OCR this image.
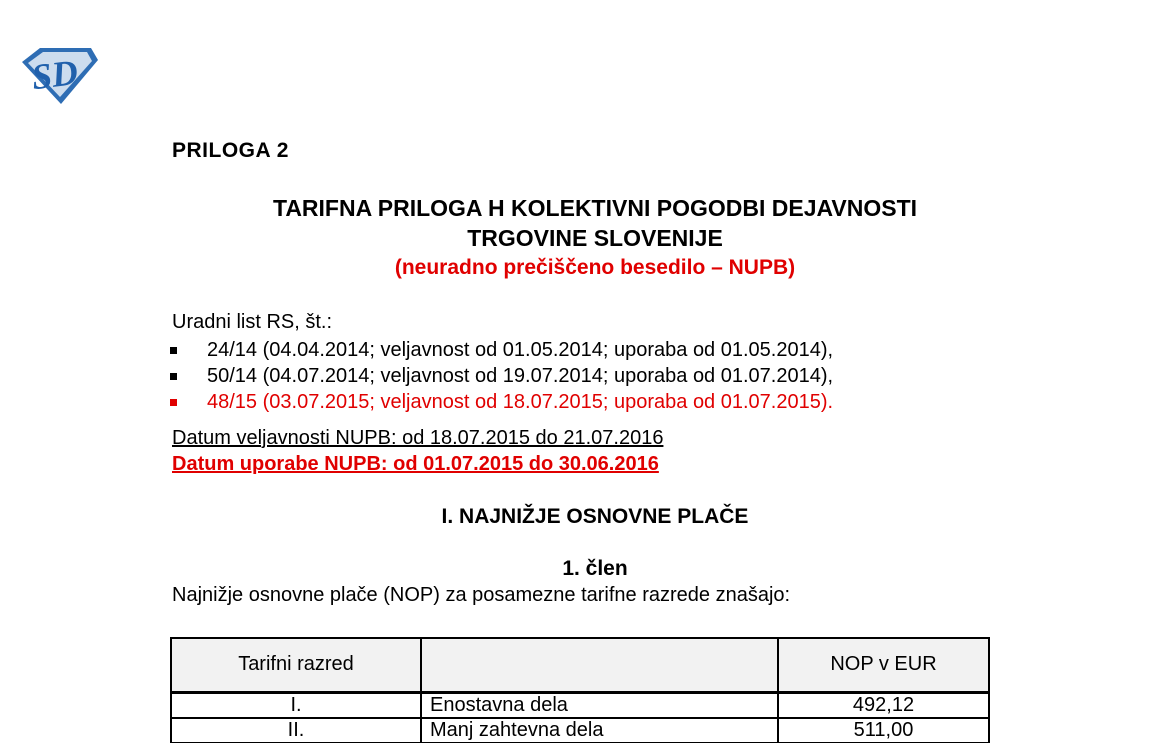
SD
PRILOGA 2
TARIFNA PRILOGA H KOLEKTIVNI POGODBI DEJAVNOSTI
TRGOVINE SLOVENIJE
(neuradno prečiščeno besedilo – NUPB)
Uradni list RS, št.:
24/14 (04.04.2014; veljavnost od 01.05.2014; uporaba od 01.05.2014),
50/14 (04.07.2014; veljavnost od 19.07.2014; uporaba od 01.07.2014),
48/15 (03.07.2015; veljavnost od 18.07.2015; uporaba od 01.07.2015).
Datum veljavnosti NUPB: od 18.07.2015 do 21.07.2016
Datum uporabe NUPB: od 01.07.2015 do 30.06.2016
I. NAJNIŽJE OSNOVNE PLAČE
1. člen
Najnižje osnovne plače (NOP) za posamezne tarifne razrede znašajo:
Tarifni razred		NOP v EUR
I.	Enostavna dela	492,12
II.	Manj zahtevna dela	511,00
